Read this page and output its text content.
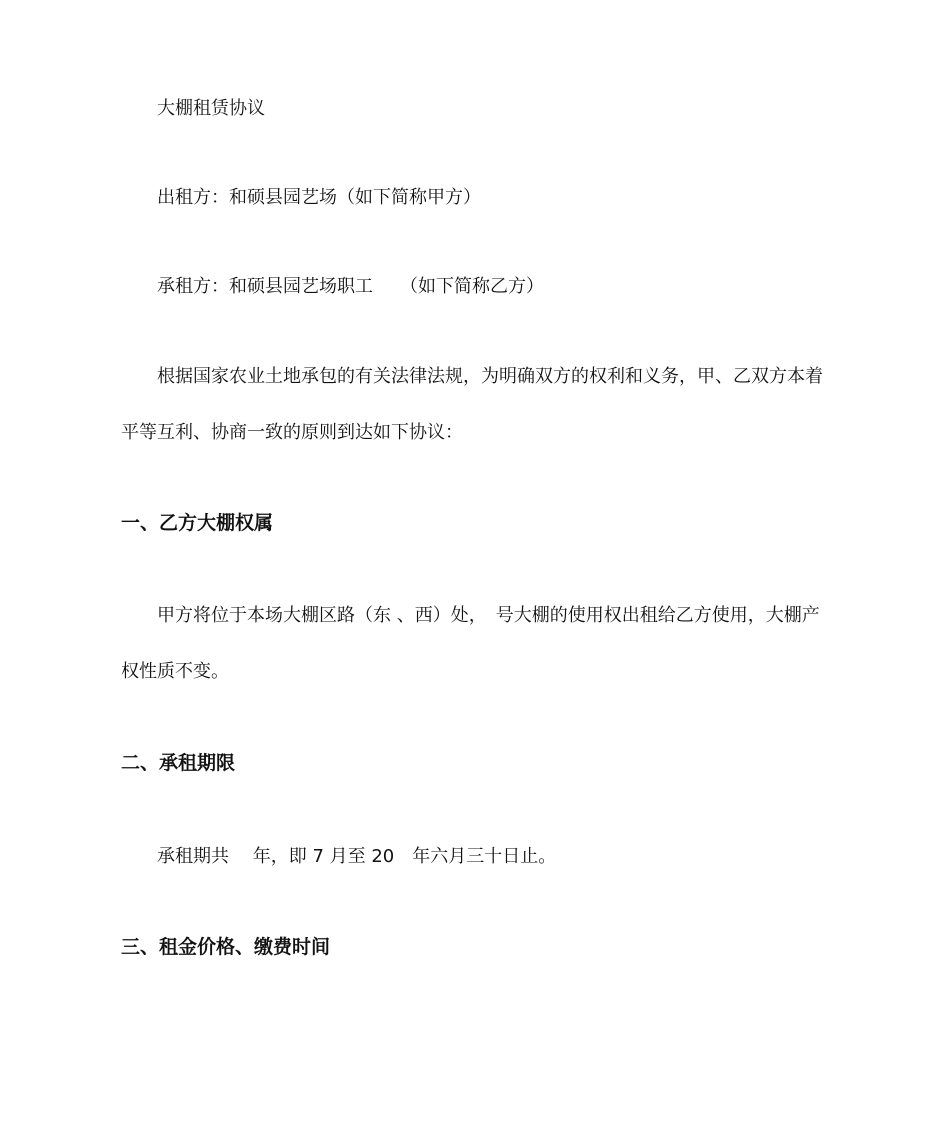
大棚租赁协议
出租方：和硕县园艺场（如下简称甲方）
承租方：和硕县园艺场职工　　（如下简称乙方）
根据国家农业土地承包的有关法律法规，为明确双方的权利和义务，甲、乙双方本着
平等互利、协商一致的原则到达如下协议：
一、乙方大棚权属
甲方将位于本场大棚区路（东 、西）处，　号大棚的使用权出租给乙方使用，大棚产
权性质不变。
二、承租期限
承租期共　 年，即 7 月至 20　年六月三十日止。
三、租金价格、缴费时间
